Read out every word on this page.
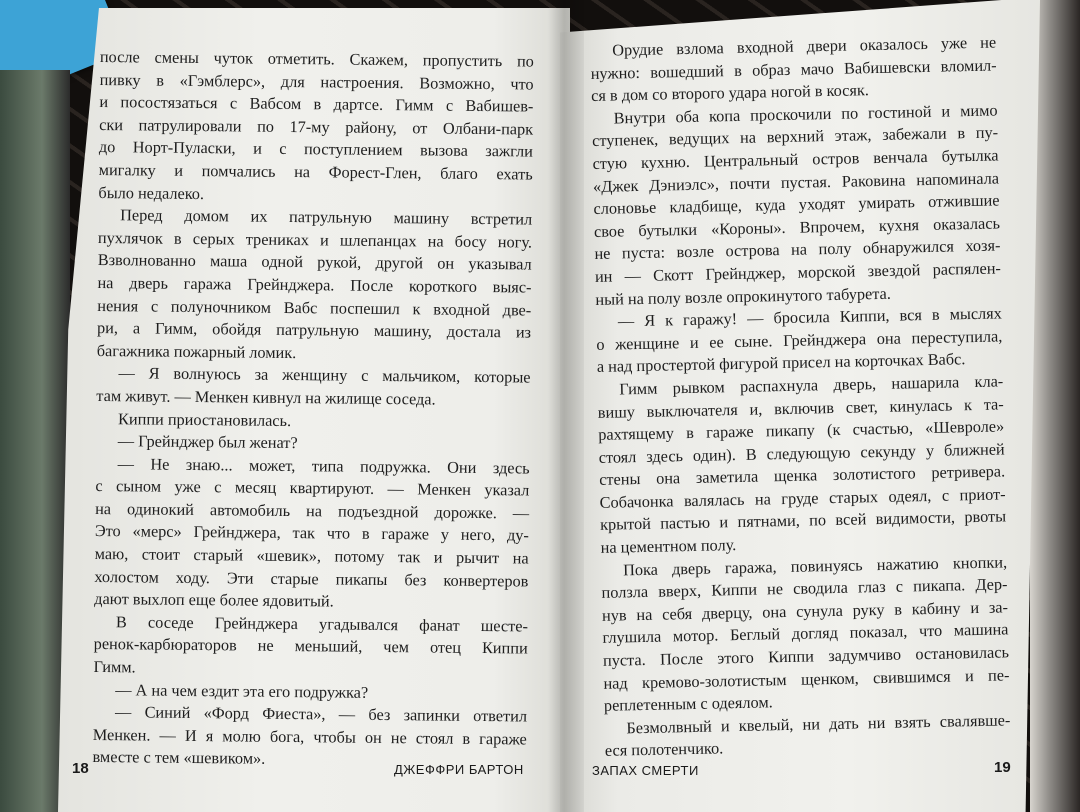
после смены чуток отметить. Скажем, пропустить по
пивку в «Гэмблерс», для настроения. Возможно, что
и посостязаться с Вабсом в дартсе. Гимм с Вабишев-
ски патрулировали по 17-му району, от Олбани-парк
до Норт-Пуласки, и с поступлением вызова зажгли
мигалку и помчались на Форест-Глен, благо ехать
было недалеко.
Перед домом их патрульную машину встретил
пухлячок в серых трениках и шлепанцах на босу ногу.
Взволнованно маша одной рукой, другой он указывал
на дверь гаража Грейнджера. После короткого выяс-
нения с полуночником Вабс поспешил к входной две-
ри, а Гимм, обойдя патрульную машину, достала из
багажника пожарный ломик.
— Я волнуюсь за женщину с мальчиком, которые
там живут. — Менкен кивнул на жилище соседа.
Киппи приостановилась.
— Грейнджер был женат?
— Не знаю... может, типа подружка. Они здесь
с сыном уже с месяц квартируют. — Менкен указал
на одинокий автомобиль на подъездной дорожке. —
Это «мерс» Грейнджера, так что в гараже у него, ду-
маю, стоит старый «шевик», потому так и рычит на
холостом ходу. Эти старые пикапы без конвертеров
дают выхлоп еще более ядовитый.
В соседе Грейнджера угадывался фанат шесте-
ренок-карбюраторов не меньший, чем отец Киппи
Гимм.
— А на чем ездит эта его подружка?
— Синий «Форд Фиеста», — без запинки ответил
Менкен. — И я молю бога, чтобы он не стоял в гараже
вместе с тем «шевиком».
Орудие взлома входной двери оказалось уже не
нужно: вошедший в образ мачо Вабишевски вломил-
ся в дом со второго удара ногой в косяк.
Внутри оба копа проскочили по гостиной и мимо
ступенек, ведущих на верхний этаж, забежали в пу-
стую кухню. Центральный остров венчала бутылка
«Джек Дэниэлс», почти пустая. Раковина напоминала
слоновье кладбище, куда уходят умирать отжившие
свое бутылки «Короны». Впрочем, кухня оказалась
не пуста: возле острова на полу обнаружился хозя-
ин — Скотт Грейнджер, морской звездой распялен-
ный на полу возле опрокинутого табурета.
— Я к гаражу! — бросила Киппи, вся в мыслях
о женщине и ее сыне. Грейнджера она переступила,
а над простертой фигурой присел на корточках Вабс.
Гимм рывком распахнула дверь, нашарила кла-
вишу выключателя и, включив свет, кинулась к та-
рахтящему в гараже пикапу (к счастью, «Шевроле»
стоял здесь один). В следующую секунду у ближней
стены она заметила щенка золотистого ретривера.
Собачонка валялась на груде старых одеял, с приот-
крытой пастью и пятнами, по всей видимости, рвоты
на цементном полу.
Пока дверь гаража, повинуясь нажатию кнопки,
ползла вверх, Киппи не сводила глаз с пикапа. Дер-
нув на себя дверцу, она сунула руку в кабину и за-
глушила мотор. Беглый догляд показал, что машина
пуста. После этого Киппи задумчиво остановилась
над кремово-золотистым щенком, свившимся и пе-
реплетенным с одеялом.
Безмолвный и квелый, ни дать ни взять свалявше-
еся полотенчико.
18	ДЖЕФФРИ БАРТОН	ЗАПАХ СМЕРТИ	19
